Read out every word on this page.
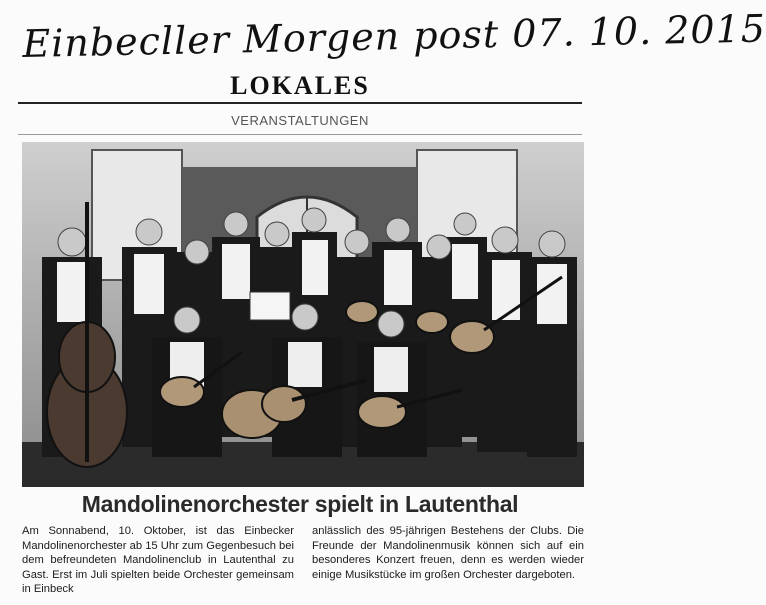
Einbecller Morgen post 07. 10. 2015
LOKALES
VERANSTALTUNGEN
Mandolinenorchester spielt in Lautenthal

Am Sonnabend, 10. Oktober, ist das Einbecker Mandolinenorchester ab 15 Uhr zum Gegenbesuch bei dem befreundeten Mandolinenclub in Lautenthal zu Gast. Erst im Juli spielten beide Orchester gemeinsam in Einbeck

anlässlich des 95-jährigen Bestehens der Clubs. Die Freunde der Mandolinenmusik können sich auf ein besonderes Konzert freuen, denn es werden wieder einige Musikstücke im großen Orchester dargeboten.
